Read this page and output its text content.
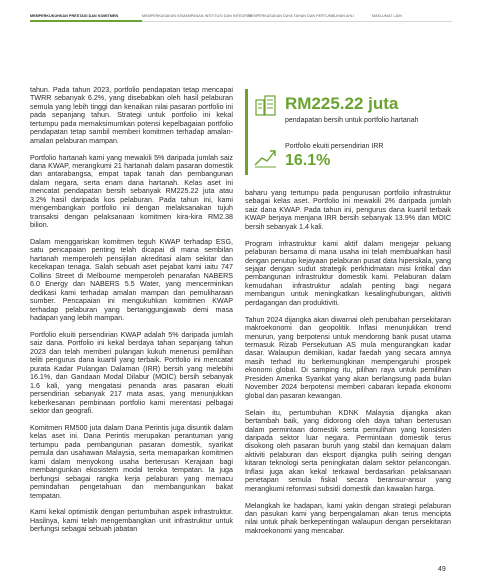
MEMPERKUKUHKAN PRESTASI DAN KOMITMEN	MEMPERKASAKAN KEMAMPANAN INSTITUSI DAN INTEGRITI
MEMPERKASAKAN DAYA TAHAN DAN PERTUMBUHAN AHLI	MAKLUMAT LAIN

tahun. Pada tahun 2023, portfolio pendapatan tetap mencapai TWRR sebanyak 6.2%, yang disebabkan oleh hasil pelaburan semula yang lebih tinggi dan kenaikan nilai pasaran portfolio ini pada sepanjang tahun. Strategi untuk portfolio ini kekal tertumpu pada memaksimumkan potensi kepelbagaian portfolio pendapatan tetap sambil memberi komitmen terhadap amalan-amalan pelaburan mampan.

Portfolio hartanah kami yang mewakili 5% daripada jumlah saiz dana KWAP, merangkumi 21 hartanah dalam pasaran domestik dan antarabangsa, empat tapak tanah dan pembangunan dalam negara, serta enam dana hartanah. Kelas aset ini mencatat pendapatan bersih sebanyak RM225.22 juta atau 3.2% hasil daripada kos pelaburan. Pada tahun ini, kami mengembangkan portfolio ini dengan melaksanakan tujuh transaksi dengan pelaksanaan komitmen kira-kira RM2.38 bilion.

Dalam menggariskan komitmen teguh KWAP terhadap ESG, satu pencapaian penting telah dicapai di mana sembilan hartanah memperoleh pensijilan akreditasi alam sekitar dan kecekapan tenaga. Salah sebuah aset pejabat kami iaitu 747 Collins Street di Melbourne memperoleh penarafan NABERS 6.0 Energy dan NABERS 5.5 Water, yang mencerminkan dedikasi kami terhadap amalan mampan dan pemuliharaan sumber. Pencapaian ini mengukuhkan komitmen KWAP terhadap pelaburan yang bertanggungjawab demi masa hadapan yang lebih mampan.

Portfolio ekuiti persendirian KWAP adalah 5% daripada jumlah saiz dana. Portfolio ini kekal berdaya tahan sepanjang tahun 2023 dan telah memberi pulangan kukuh menerusi pemilihan teliti pengurus dana kuartil yang terbaik. Portfolio ini mencatat purata Kadar Pulangan Dalaman (IRR) bersih yang melebihi 16.1%, dan Gandaan Modal Dilabur (MOIC) bersih sebanyak 1.6 kali, yang mengatasi penanda aras pasaran ekuiti persendirian sebanyak 217 mata asas, yang menunjukkan keberkesanan pembinaan portfolio kami merentasi pelbagai sektor dan geografi.

Komitmen RM500 juta dalam Dana Perintis juga disuntik dalam kelas aset ini. Dana Perintis merupakan perantuman yang tertumpu pada pembangunan pasaran domestik, syarikat pemula dan usahawan Malaysia, serta memaparkan komitmen kami dalam menyokong usaha berterusan Kerajaan bagi membangunkan ekosistem modal teroka tempatan. Ia juga berfungsi sebagai rangka kerja pelaburan yang memacu pemindahan pengetahuan dan membangunkan bakat tempatan.

Kami kekal optimistik dengan pertumbuhan aspek infrastruktur. Hasilnya, kami telah mengembangkan unit infrastruktur untuk berfungsi sebagai sebuah jabatan

RM225.22 juta
pendapatan bersih untuk portfolio hartanah
Portfolio ekuiti persendirian IRR
16.1%

baharu yang tertumpu pada pengurusan portfolio infrastruktur sebagai kelas aset. Portfolio ini mewakili 2% daripada jumlah saiz dana KWAP. Pada tahun ini, pengurus dana kuartil terbaik KWAP berjaya menjana IRR bersih sebanyak 13.9% dan MOIC bersih sebanyak 1.4 kali.

Program infrastruktur kami aktif dalam mengejar peluang pelaburan bersama di mana usaha ini telah membuahkan hasil dengan penutup kejayaan pelaburan pusat data hiperskala, yang sejajar dengan sudut strategik perkhidmatan misi kritikal dan pembangunan infrastruktur domestik kami. Pelaburan dalam kemudahan infrastruktur adalah penting bagi negara membangun untuk meningkatkan kesalinghubungan, aktiviti perdagangan dan produktiviti.

Tahun 2024 dijangka akan diwarnai oleh perubahan persekitaran makroekonomi dan geopolitik. Inflasi menunjukkan trend menurun, yang berpotensi untuk mendorong bank pusat utama termasuk Rizab Persekutuan AS mula mengurangkan kadar dasar. Walaupun demikian, kadar faedah yang secara amnya masih terhad itu berkemungkinan mempengaruhi prospek ekonomi global. Di samping itu, pilihan raya untuk pemilihan Presiden Amerika Syarikat yang akan berlangsung pada bulan November 2024 berpotensi memberi cabaran kepada ekonomi global dan pasaran kewangan.

Selain itu, pertumbuhan KDNK Malaysia dijangka akan bertambah baik, yang didorong oleh daya tahan berterusan dalam permintaan domestik serta pemulihan yang konsisten daripada sektor luar negara. Permintaan domestik terus disokong oleh pasaran buruh yang stabil dan kemajuan dalam aktiviti pelaburan dan eksport dijangka pulih seiring dengan kitaran teknologi serta peningkatan dalam sektor pelancongan. Inflasi juga akan kekal terkawal berdasarkan pelaksanaan penetapan semula fiskal secara beransur-ansur yang merangkumi reformasi subsidi domestik dan kawalan harga.

Melangkah ke hadapan, kami yakin dengan strategi pelaburan dan pasukan kami yang berpengalaman akan terus mencipta nilai untuk pihak berkepentingan walaupun dengan persekitaran makroekonomi yang mencabar.

49
